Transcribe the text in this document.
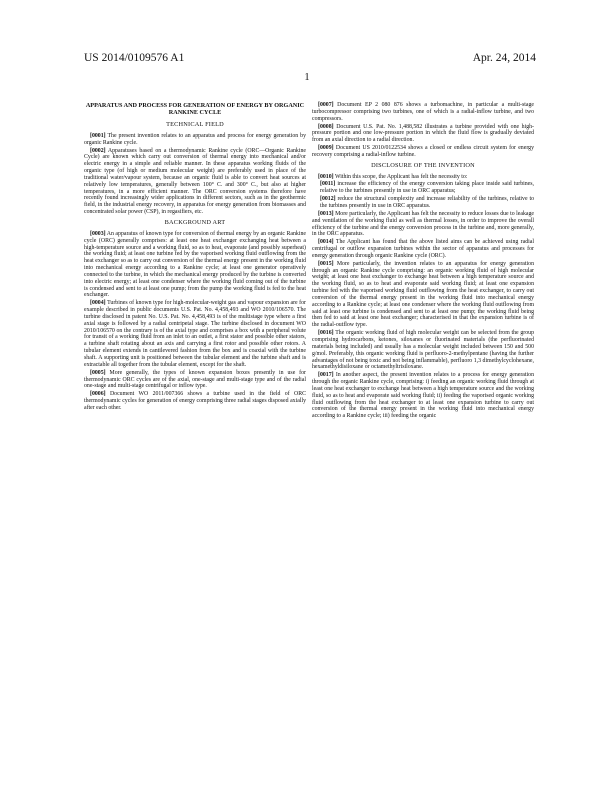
US 2014/0109576 A1	Apr. 24, 2014
1
APPARATUS AND PROCESS FOR GENERATION OF ENERGY BY ORGANIC RANKINE CYCLE
TECHNICAL FIELD

[0001] The present invention relates to an apparatus and process for energy generation by organic Rankine cycle.

[0002] Apparatuses based on a thermodynamic Rankine cycle (ORC—Organic Rankine Cycle) are known which carry out conversion of thermal energy into mechanical and/or electric energy in a simple and reliable manner. In these apparatus working fluids of the organic type (of high or medium molecular weight) are preferably used in place of the traditional water/vapour system, because an organic fluid is able to convert heat sources at relatively low temperatures, generally between 100° C. and 300° C., but also at higher temperatures, in a more efficient manner. The ORC conversion systems therefore have recently found increasingly wider applications in different sectors, such as in the geothermic field, in the industrial energy recovery, in apparatus for energy generation from biomasses and concentrated solar power (CSP), in regasifiers, etc.

BACKGROUND ART

[0003] An apparatus of known type for conversion of thermal energy by an organic Rankine cycle (ORC) generally comprises: at least one heat exchanger exchanging heat between a high-temperature source and a working fluid, so as to heat, evaporate (and possibly superheat) the working fluid; at least one turbine fed by the vaporised working fluid outflowing from the heat exchanger so as to carry out conversion of the thermal energy present in the working fluid into mechanical energy according to a Rankine cycle; at least one generator operatively connected to the turbine, in which the mechanical energy produced by the turbine is converted into electric energy; at least one condenser where the working fluid coming out of the turbine is condensed and sent to at least one pump; from the pump the working fluid is fed to the heat exchanger.

[0004] Turbines of known type for high-molecular-weight gas and vapour expansion are for example described in public documents U.S. Pat. No. 4,458,493 and WO 2010/106570. The turbine disclosed in patent No. U.S. Pat. No. 4,458,493 is of the multistage type where a first axial stage is followed by a radial centripetal stage. The turbine disclosed in document WO 2010/106570 on the contrary is of the axial type and comprises a box with a peripheral volute for transit of a working fluid from an inlet to an outlet, a first stator and possible other stators, a turbine shaft rotating about an axis and carrying a first rotor and possible other rotors. A tubular element extends in cantilevered fashion from the box and is coaxial with the turbine shaft. A supporting unit is positioned between the tubular element and the turbine shaft and is extractable all together from the tubular element, except for the shaft.

[0005] More generally, the types of known expansion boxes presently in use for thermodynamic ORC cycles are of the axial, one-stage and multi-stage type and of the radial one-stage and multi-stage centrifugal or inflow type.

[0006] Document WO 2011/007366 shows a turbine used in the field of ORC thermodynamic cycles for generation of energy comprising three radial stages disposed axially after each other.

[0007] Document EP 2 080 876 shows a turbomachine, in particular a multi-stage turbocompressor comprising two turbines, one of which is a radial-inflow turbine, and two compressors.

[0008] Document U.S. Pat. No. 1,488,582 illustrates a turbine provided with one high-pressure portion and one low-pressure portion in which the fluid flow is gradually deviated from an axial direction to a radial direction.

[0009] Document US 2010/0122534 shows a closed or endless circuit system for energy recovery comprising a radial-inflow turbine.

DISCLOSURE OF THE INVENTION

[0010] Within this scope, the Applicant has felt the necessity to:

[0011] increase the efficiency of the energy conversion taking place inside said turbines, relative to the turbines presently in use in ORC apparatus;

[0012] reduce the structural complexity and increase reliability of the turbines, relative to the turbines presently in use in ORC apparatus.

[0013] More particularly, the Applicant has felt the necessity to reduce losses due to leakage and ventilation of the working fluid as well as thermal losses, in order to improve the overall efficiency of the turbine and the energy conversion process in the turbine and, more generally, in the ORC apparatus.

[0014] The Applicant has found that the above listed aims can be achieved using radial centrifugal or outflow expansion turbines within the sector of apparatus and processes for energy generation through organic Rankine cycle (ORC).

[0015] More particularly, the invention relates to an apparatus for energy generation through an organic Rankine cycle comprising: an organic working fluid of high molecular weight; at least one heat exchanger to exchange heat between a high temperature source and the working fluid, so as to heat and evaporate said working fluid; at least one expansion turbine fed with the vaporised working fluid outflowing from the heat exchanger, to carry out conversion of the thermal energy present in the working fluid into mechanical energy according to a Rankine cycle; at least one condenser where the working fluid outflowing from said at least one turbine is condensed and sent to at least one pump; the working fluid being then fed to said at least one heat exchanger; characterised in that the expansion turbine is of the radial-outflow type.

[0016] The organic working fluid of high molecular weight can be selected from the group comprising hydrocarbons, ketones, siloxanes or fluorinated materials (the perfluorinated materials being included) and usually has a molecular weight included between 150 and 500 g/mol. Preferably, this organic working fluid is perfluoro-2-methylpentane (having the further advantages of not being toxic and not being inflammable), perfluoro 1,3 dimethylcyclohexane, hexamethyldisiloxane or octamethyltrisiloxane.

[0017] In another aspect, the present invention relates to a process for energy generation through the organic Rankine cycle, comprising: i) feeding an organic working fluid through at least one heat exchanger to exchange heat between a high temperature source and the working fluid, so as to heat and evaporate said working fluid; ii) feeding the vaporised organic working fluid outflowing from the heat exchanger to at least one expansion turbine to carry out conversion of the thermal energy present in the working fluid into mechanical energy according to a Rankine cycle; iii) feeding the organic
